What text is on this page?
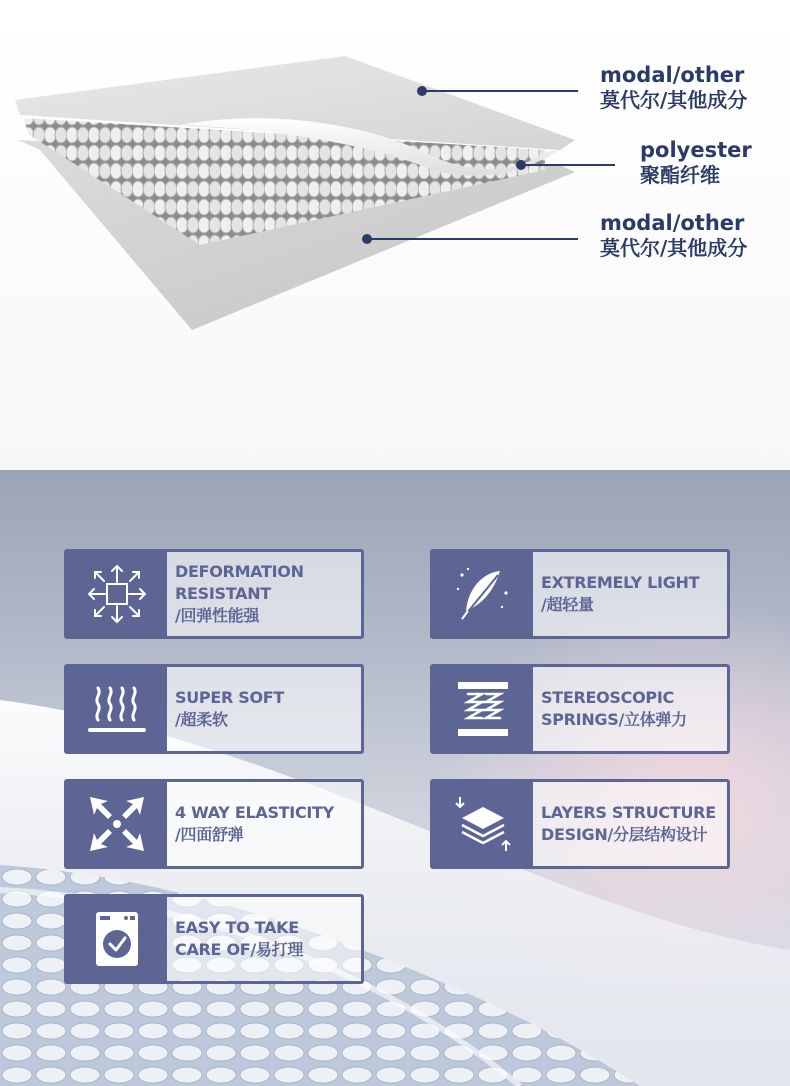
modal/other
莫代尔/其他成分
polyester
聚酯纤维
modal/other
莫代尔/其他成分
DEFORMATION
RESISTANT
/回弹性能强
EXTREMELY LIGHT
/超轻量
SUPER SOFT
/超柔软
STEREOSCOPIC
SPRINGS/立体弹力
4 WAY ELASTICITY
/四面舒弹
LAYERS STRUCTURE
DESIGN/分层结构设计
EASY TO TAKE
CARE OF/易打理
